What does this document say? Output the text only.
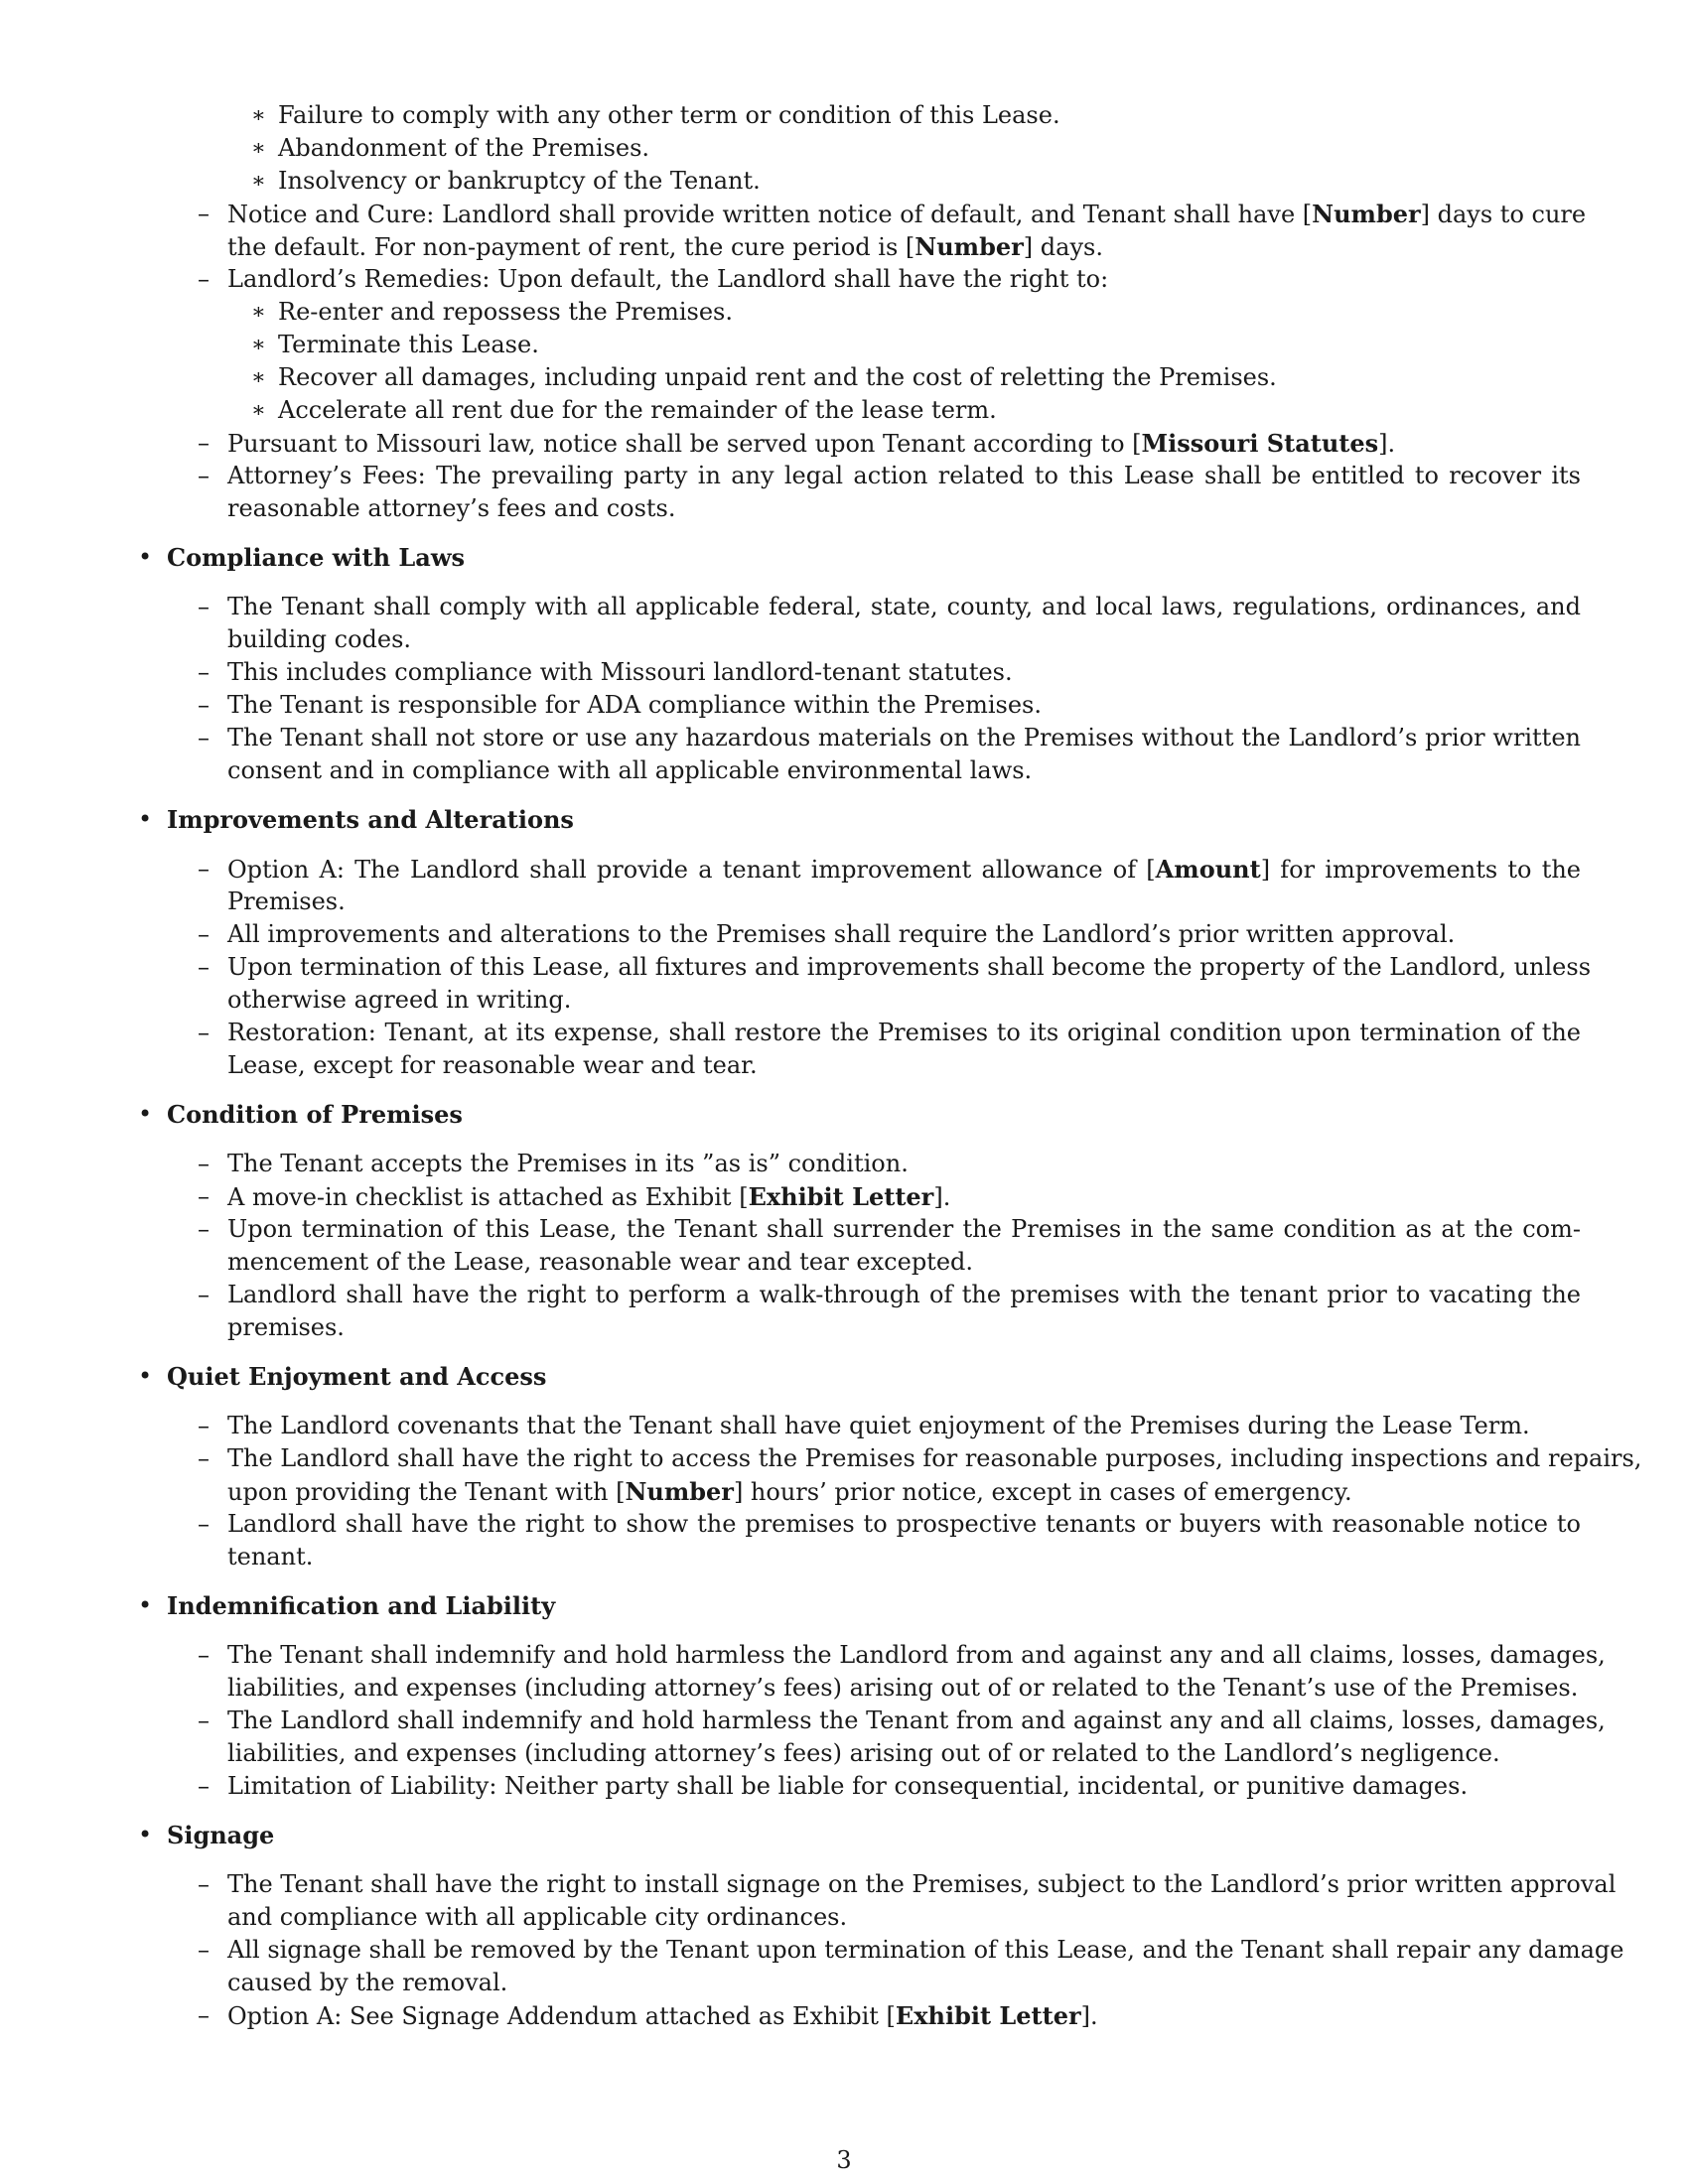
∗ Failure to comply with any other term or condition of this Lease.
∗ Abandonment of the Premises.
∗ Insolvency or bankruptcy of the Tenant.
– Notice and Cure: Landlord shall provide written notice of default, and Tenant shall have [Number] days to cure
the default. For non-payment of rent, the cure period is [Number] days.
– Landlord’s Remedies: Upon default, the Landlord shall have the right to:
∗ Re-enter and repossess the Premises.
∗ Terminate this Lease.
∗ Recover all damages, including unpaid rent and the cost of reletting the Premises.
∗ Accelerate all rent due for the remainder of the lease term.
– Pursuant to Missouri law, notice shall be served upon Tenant according to [Missouri Statutes].
– Attorney’s Fees: The prevailing party in any legal action related to this Lease shall be entitled to recover its
reasonable attorney’s fees and costs.
• Compliance with Laws
– The Tenant shall comply with all applicable federal, state, county, and local laws, regulations, ordinances, and
building codes.
– This includes compliance with Missouri landlord-tenant statutes.
– The Tenant is responsible for ADA compliance within the Premises.
– The Tenant shall not store or use any hazardous materials on the Premises without the Landlord’s prior written
consent and in compliance with all applicable environmental laws.
• Improvements and Alterations
– Option A: The Landlord shall provide a tenant improvement allowance of [Amount] for improvements to the
Premises.
– All improvements and alterations to the Premises shall require the Landlord’s prior written approval.
– Upon termination of this Lease, all fixtures and improvements shall become the property of the Landlord, unless
otherwise agreed in writing.
– Restoration: Tenant, at its expense, shall restore the Premises to its original condition upon termination of the
Lease, except for reasonable wear and tear.
• Condition of Premises
– The Tenant accepts the Premises in its ”as is” condition.
– A move-in checklist is attached as Exhibit [Exhibit Letter].
– Upon termination of this Lease, the Tenant shall surrender the Premises in the same condition as at the com-
mencement of the Lease, reasonable wear and tear excepted.
– Landlord shall have the right to perform a walk-through of the premises with the tenant prior to vacating the
premises.
• Quiet Enjoyment and Access
– The Landlord covenants that the Tenant shall have quiet enjoyment of the Premises during the Lease Term.
– The Landlord shall have the right to access the Premises for reasonable purposes, including inspections and repairs,
upon providing the Tenant with [Number] hours’ prior notice, except in cases of emergency.
– Landlord shall have the right to show the premises to prospective tenants or buyers with reasonable notice to
tenant.
• Indemnification and Liability
– The Tenant shall indemnify and hold harmless the Landlord from and against any and all claims, losses, damages,
liabilities, and expenses (including attorney’s fees) arising out of or related to the Tenant’s use of the Premises.
– The Landlord shall indemnify and hold harmless the Tenant from and against any and all claims, losses, damages,
liabilities, and expenses (including attorney’s fees) arising out of or related to the Landlord’s negligence.
– Limitation of Liability: Neither party shall be liable for consequential, incidental, or punitive damages.
• Signage
– The Tenant shall have the right to install signage on the Premises, subject to the Landlord’s prior written approval
and compliance with all applicable city ordinances.
– All signage shall be removed by the Tenant upon termination of this Lease, and the Tenant shall repair any damage
caused by the removal.
– Option A: See Signage Addendum attached as Exhibit [Exhibit Letter].
3
